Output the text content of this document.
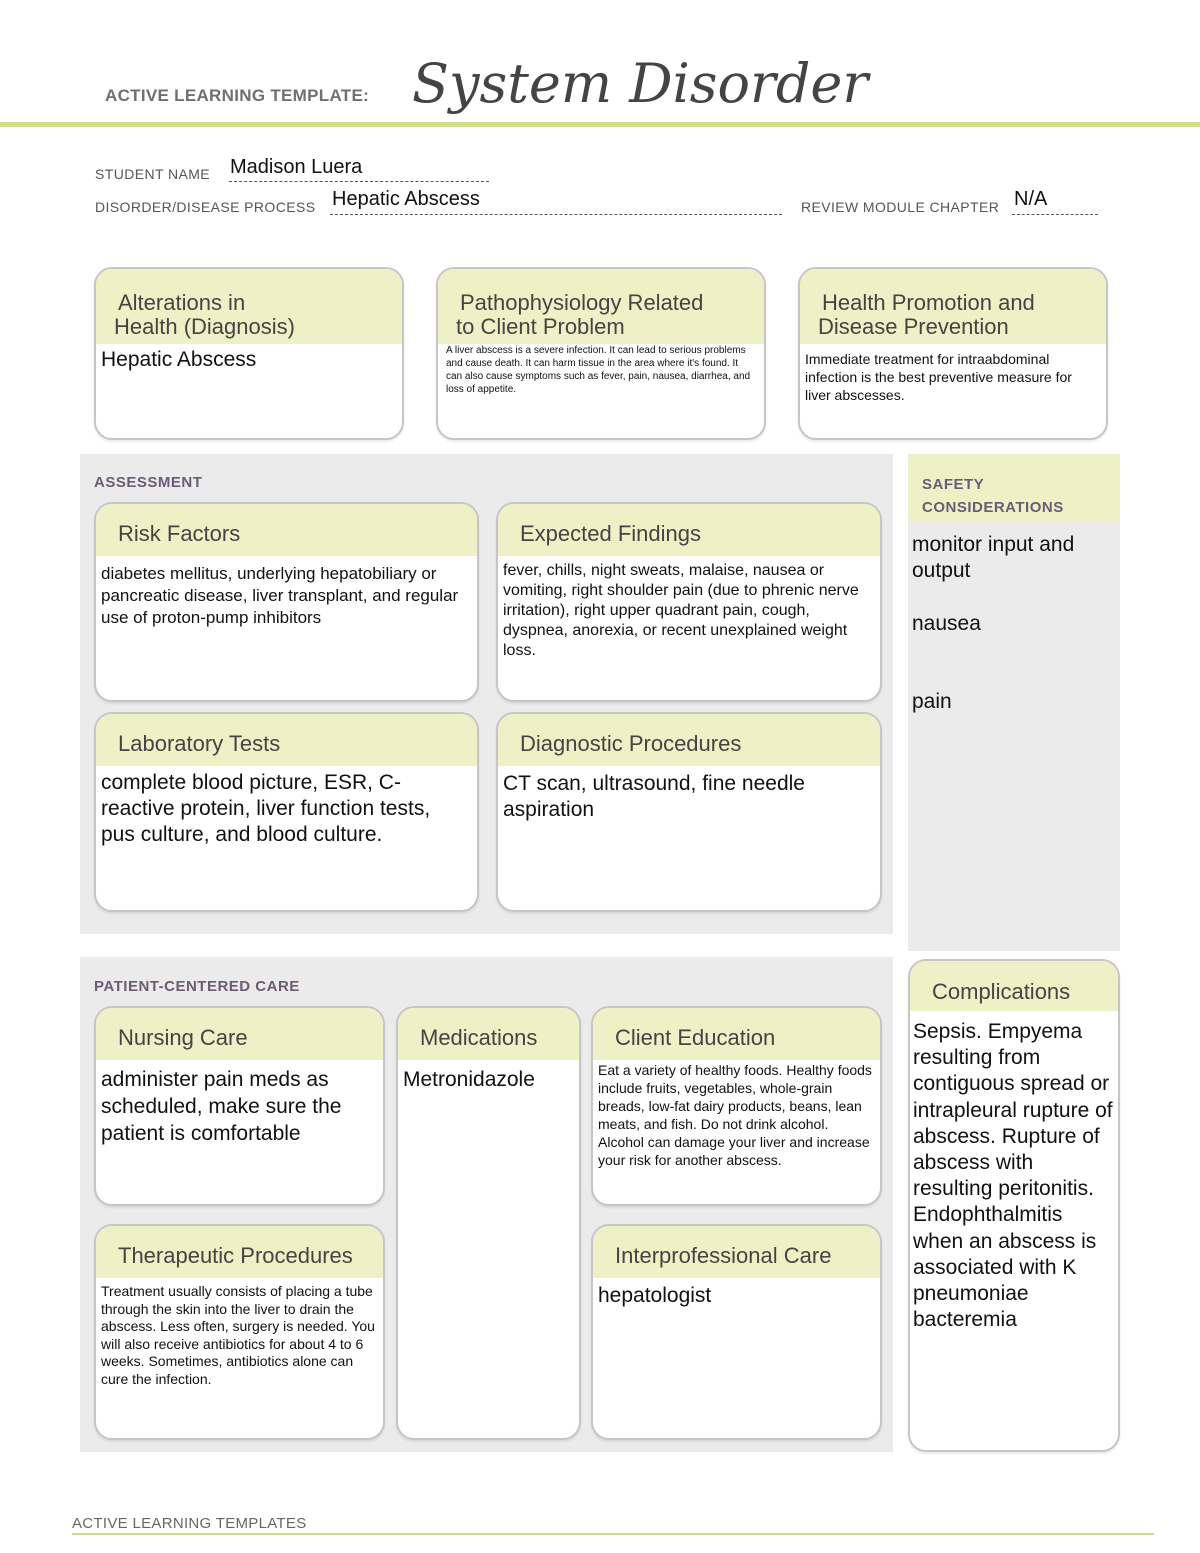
ACTIVE LEARNING TEMPLATE: System Disorder
STUDENT NAME Madison Luera
DISORDER/DISEASE PROCESS Hepatic Abscess	REVIEW MODULE CHAPTER N/A
Alterations in
Health (Diagnosis)
Hepatic Abscess
Pathophysiology Related
to Client Problem
A liver abscess is a severe infection. It can lead to serious problems and cause death. It can harm tissue in the area where it's found. It can also cause symptoms such as fever, pain, nausea, diarrhea, and loss of appetite.
Health Promotion and
Disease Prevention
Immediate treatment for intraabdominal infection is the best preventive measure for liver abscesses.
ASSESSMENT
Risk Factors
diabetes mellitus, underlying hepatobiliary or pancreatic disease, liver transplant, and regular use of proton-pump inhibitors
Expected Findings
fever, chills, night sweats, malaise, nausea or vomiting, right shoulder pain (due to phrenic nerve irritation), right upper quadrant pain, cough, dyspnea, anorexia, or recent unexplained weight loss.
Laboratory Tests
complete blood picture, ESR, C-reactive protein, liver function tests, pus culture, and blood culture.
Diagnostic Procedures
CT scan, ultrasound, fine needle aspiration
SAFETY
CONSIDERATIONS
monitor input and output
nausea
pain
PATIENT-CENTERED CARE
Nursing Care
administer pain meds as scheduled, make sure the patient is comfortable
Medications
Metronidazole
Client Education
Eat a variety of healthy foods. Healthy foods include fruits, vegetables, whole-grain breads, low-fat dairy products, beans, lean meats, and fish. Do not drink alcohol. Alcohol can damage your liver and increase your risk for another abscess.
Therapeutic Procedures
Treatment usually consists of placing a tube through the skin into the liver to drain the abscess. Less often, surgery is needed. You will also receive antibiotics for about 4 to 6 weeks. Sometimes, antibiotics alone can cure the infection.
Interprofessional Care
hepatologist
Complications
Sepsis. Empyema resulting from contiguous spread or intrapleural rupture of abscess. Rupture of abscess with resulting peritonitis. Endophthalmitis when an abscess is associated with K pneumoniae bacteremia
ACTIVE LEARNING TEMPLATES
